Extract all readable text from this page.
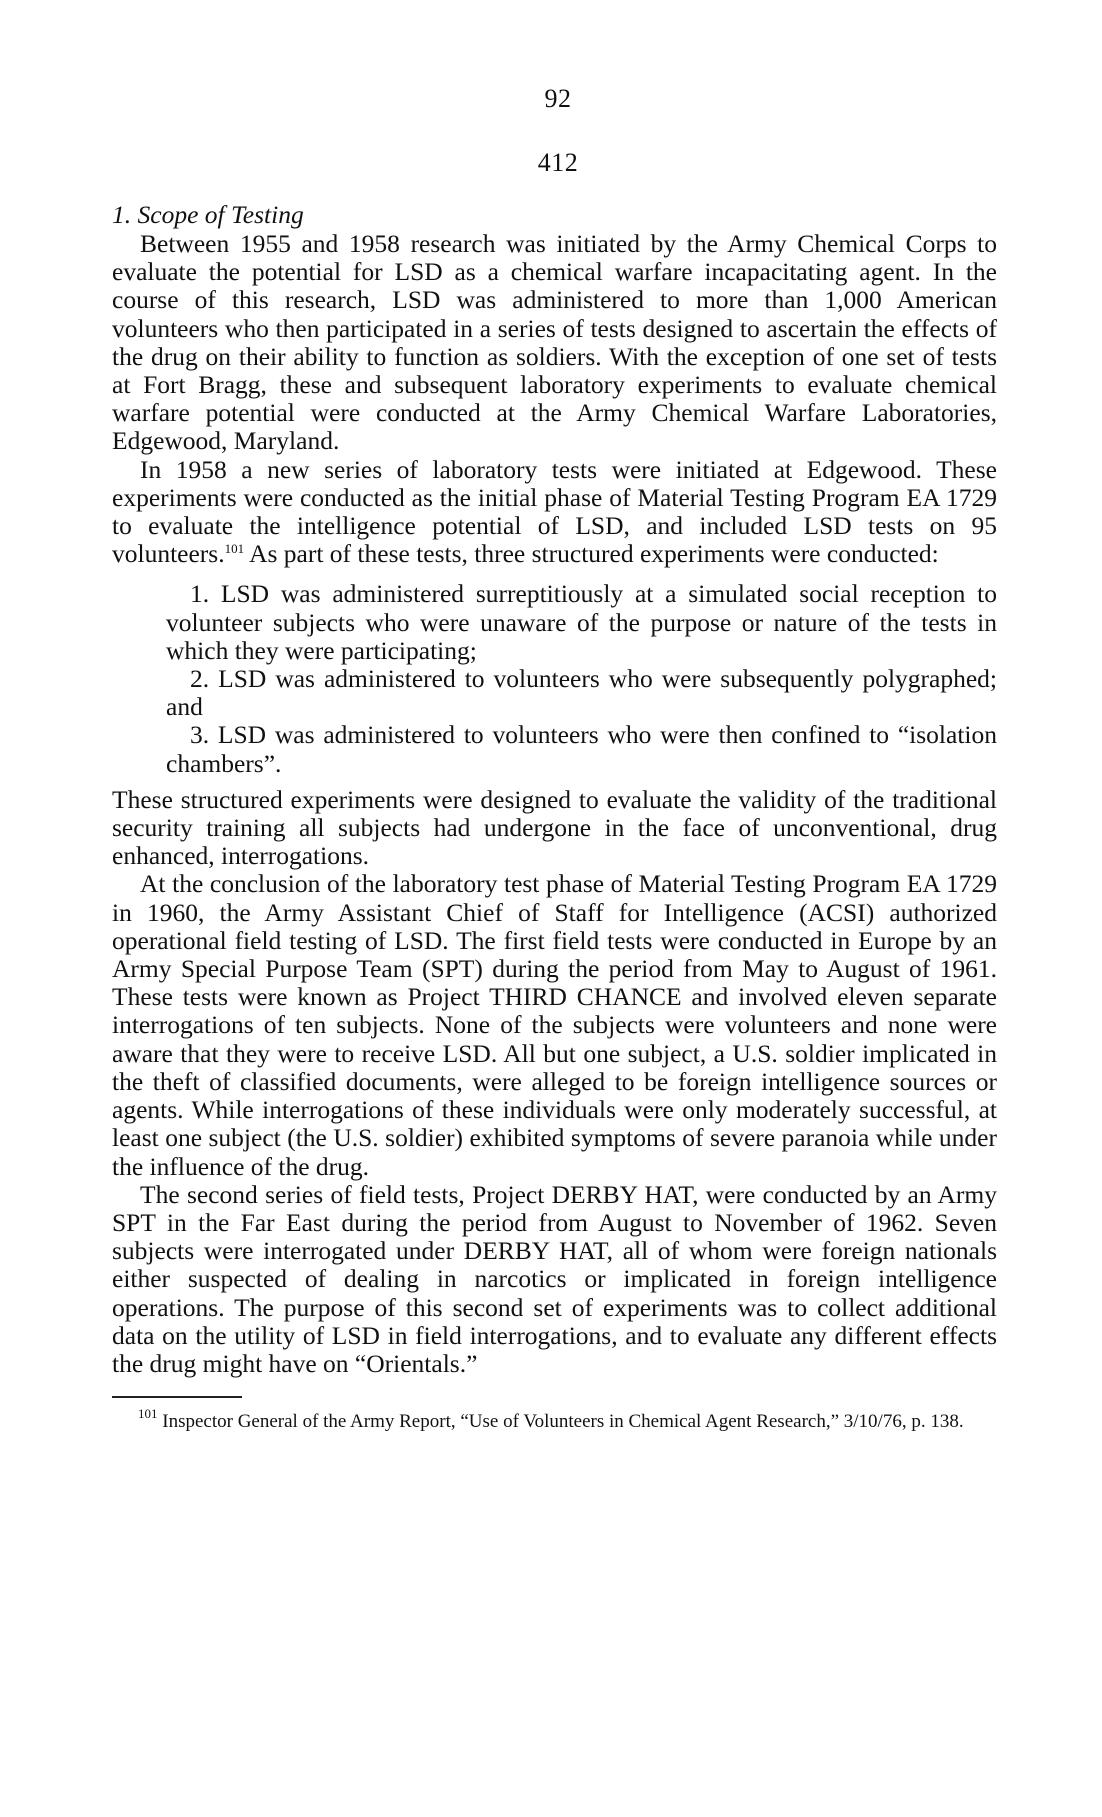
92
412

1. Scope of Testing

Between 1955 and 1958 research was initiated by the Army Chemical Corps to evaluate the potential for LSD as a chemical warfare incapacitating agent. In the course of this research, LSD was administered to more than 1,000 American volunteers who then participated in a series of tests designed to ascertain the effects of the drug on their ability to function as soldiers. With the exception of one set of tests at Fort Bragg, these and subsequent laboratory experiments to evaluate chemical warfare potential were conducted at the Army Chemical Warfare Laboratories, Edgewood, Maryland.

In 1958 a new series of laboratory tests were initiated at Edgewood. These experiments were conducted as the initial phase of Material Testing Program EA 1729 to evaluate the intelligence potential of LSD, and included LSD tests on 95 volunteers.$^{101}$ As part of these tests, three structured experiments were conducted:

1. LSD was administered surreptitiously at a simulated social reception to volunteer subjects who were unaware of the purpose or nature of the tests in which they were participating;
2. LSD was administered to volunteers who were subsequently polygraphed; and
3. LSD was administered to volunteers who were then confined to “isolation chambers”.

These structured experiments were designed to evaluate the validity of the traditional security training all subjects had undergone in the face of unconventional, drug enhanced, interrogations.

At the conclusion of the laboratory test phase of Material Testing Program EA 1729 in 1960, the Army Assistant Chief of Staff for Intelligence (ACSI) authorized operational field testing of LSD. The first field tests were conducted in Europe by an Army Special Purpose Team (SPT) during the period from May to August of 1961. These tests were known as Project THIRD CHANCE and involved eleven separate interrogations of ten subjects. None of the subjects were volunteers and none were aware that they were to receive LSD. All but one subject, a U.S. soldier implicated in the theft of classified documents, were alleged to be foreign intelligence sources or agents. While interrogations of these individuals were only moderately successful, at least one subject (the U.S. soldier) exhibited symptoms of severe paranoia while under the influence of the drug.

The second series of field tests, Project DERBY HAT, were conducted by an Army SPT in the Far East during the period from August to November of 1962. Seven subjects were interrogated under DERBY HAT, all of whom were foreign nationals either suspected of dealing in narcotics or implicated in foreign intelligence operations. The purpose of this second set of experiments was to collect additional data on the utility of LSD in field interrogations, and to evaluate any different effects the drug might have on “Orientals.”

$^{101}$ Inspector General of the Army Report, “Use of Volunteers in Chemical Agent Research,” 3/10/76, p. 138.
